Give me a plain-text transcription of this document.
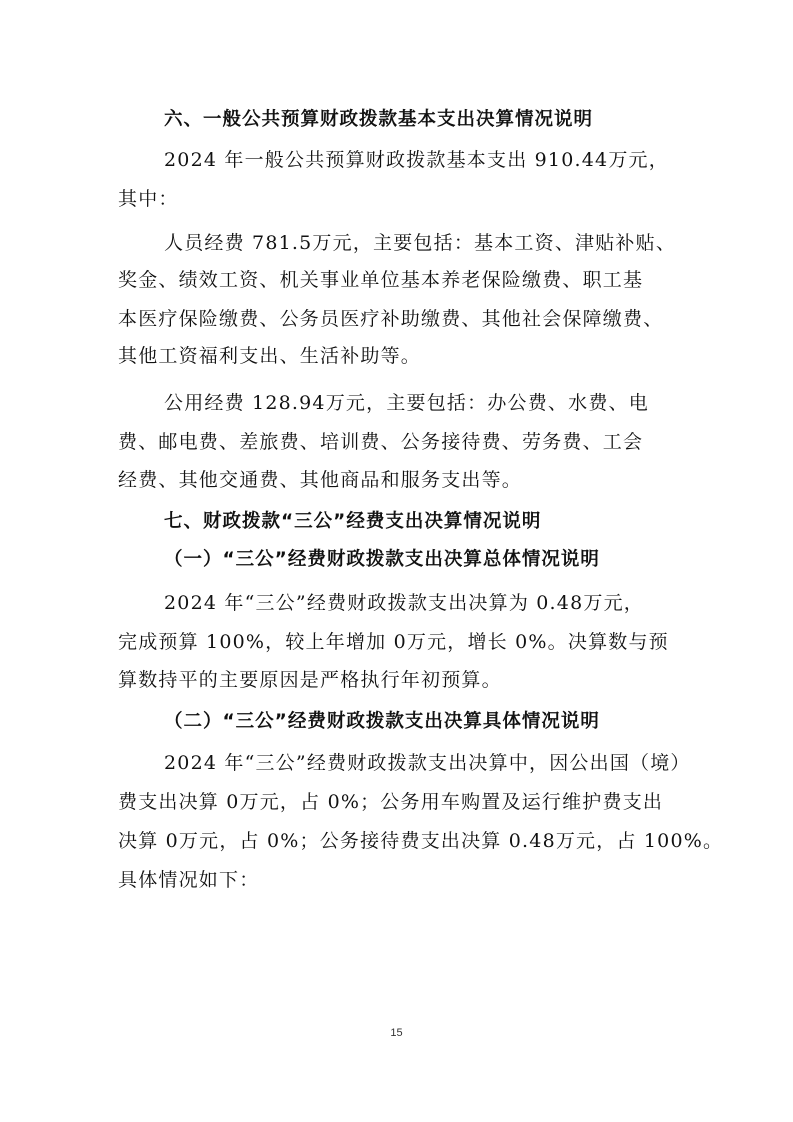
六、一般公共预算财政拨款基本支出决算情况说明
2024 年一般公共预算财政拨款基本支出 910.44万元，
其中：
人员经费 781.5万元，主要包括：基本工资、津贴补贴、
奖金、绩效工资、机关事业单位基本养老保险缴费、职工基
本医疗保险缴费、公务员医疗补助缴费、其他社会保障缴费、
其他工资福利支出、生活补助等。
公用经费 128.94万元，主要包括：办公费、水费、电
费、邮电费、差旅费、培训费、公务接待费、劳务费、工会
经费、其他交通费、其他商品和服务支出等。
七、财政拨款“三公”经费支出决算情况说明
（一）“三公”经费财政拨款支出决算总体情况说明
2024 年“三公”经费财政拨款支出决算为 0.48万元，
完成预算 100%，较上年增加 0万元，增长 0%。决算数与预
算数持平的主要原因是严格执行年初预算。
（二）“三公”经费财政拨款支出决算具体情况说明
2024 年“三公”经费财政拨款支出决算中，因公出国（境）
费支出决算 0万元，占 0%；公务用车购置及运行维护费支出
决算 0万元，占 0%；公务接待费支出决算 0.48万元，占 100%。
具体情况如下：
15
